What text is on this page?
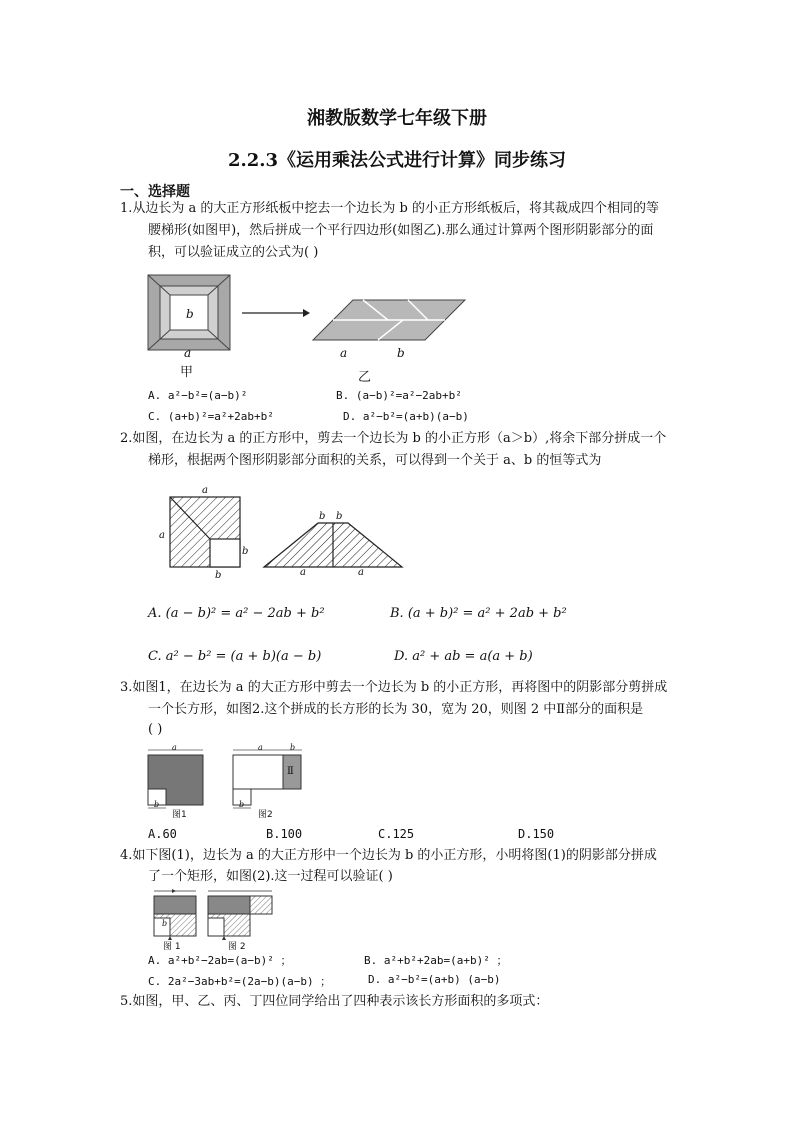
湘教版数学七年级下册
2.2.3《运用乘法公式进行计算》同步练习
一、选择题
1.从边长为 a 的大正方形纸板中挖去一个边长为 b 的小正方形纸板后，将其裁成四个相同的等
腰梯形(如图甲)，然后拼成一个平行四边形(如图乙).那么通过计算两个图形阴影部分的面
积，可以验证成立的公式为( )
b
a
甲
a	b
乙
A. a²−b²=(a−b)²	B. (a−b)²=a²−2ab+b²
C. (a+b)²=a²+2ab+b²	D. a²−b²=(a+b)(a−b)
2.如图，在边长为 a 的正方形中，剪去一个边长为 b 的小正方形（a＞b）,将余下部分拼成一个
梯形，根据两个图形阴影部分面积的关系，可以得到一个关于 a、b 的恒等式为
a
a
b
b
b b
a	a
A. (a − b)² = a² − 2ab + b²	B. (a + b)² = a² + 2ab + b²
C. a² − b² = (a + b)(a − b)	D. a² + ab = a(a + b)
3.如图1，在边长为 a 的大正方形中剪去一个边长为 b 的小正方形，再将图中的阴影部分剪拼成
一个长方形，如图2.这个拼成的长方形的长为 30，宽为 20，则图 2 中Ⅱ部分的面积是
( )
a
b
图1
a	b
b
Ⅱ
图2
A.60	B.100	C.125	D.150
4.如下图(1)，边长为 a 的大正方形中一个边长为 b 的小正方形，小明将图(1)的阴影部分拼成
了一个矩形，如图(2).这一过程可以验证( )
b
图 1	图 2
A. a²+b²−2ab=(a−b)² ；	B. a²+b²+2ab=(a+b)² ；
C. 2a²−3ab+b²=(2a−b)(a−b) ；	D. a²−b²=(a+b) (a−b)
5.如图，甲、乙、丙、丁四位同学给出了四种表示该长方形面积的多项式：
